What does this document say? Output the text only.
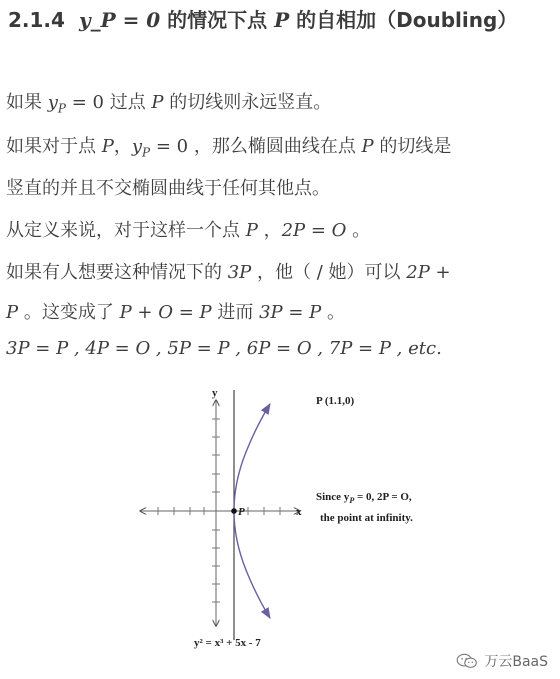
2.1.4 y_P = 0 的情况下点 P 的自相加（Doubling）
如果 $y_P = 0$ 过点 P 的切线则永远竖直。
如果对于点 P，$y_P = 0$ ，那么椭圆曲线在点 P 的切线是
竖直的并且不交椭圆曲线于任何其他点。
从定义来说，对于这样一个点 P ，2P = O 。
如果有人想要这种情况下的 3P ，他（ / 她）可以 2P +
P 。这变成了 P + O = P 进而 3P = P 。
3P = P , 4P = O , 5P = P , 6P = O , 7P = P , etc.
P
y
x
P (1.1,0)
Since $y_P = 0$, 2P = O,
the point at infinity.
y² = x³ + 5x - 7
万云BaaS
